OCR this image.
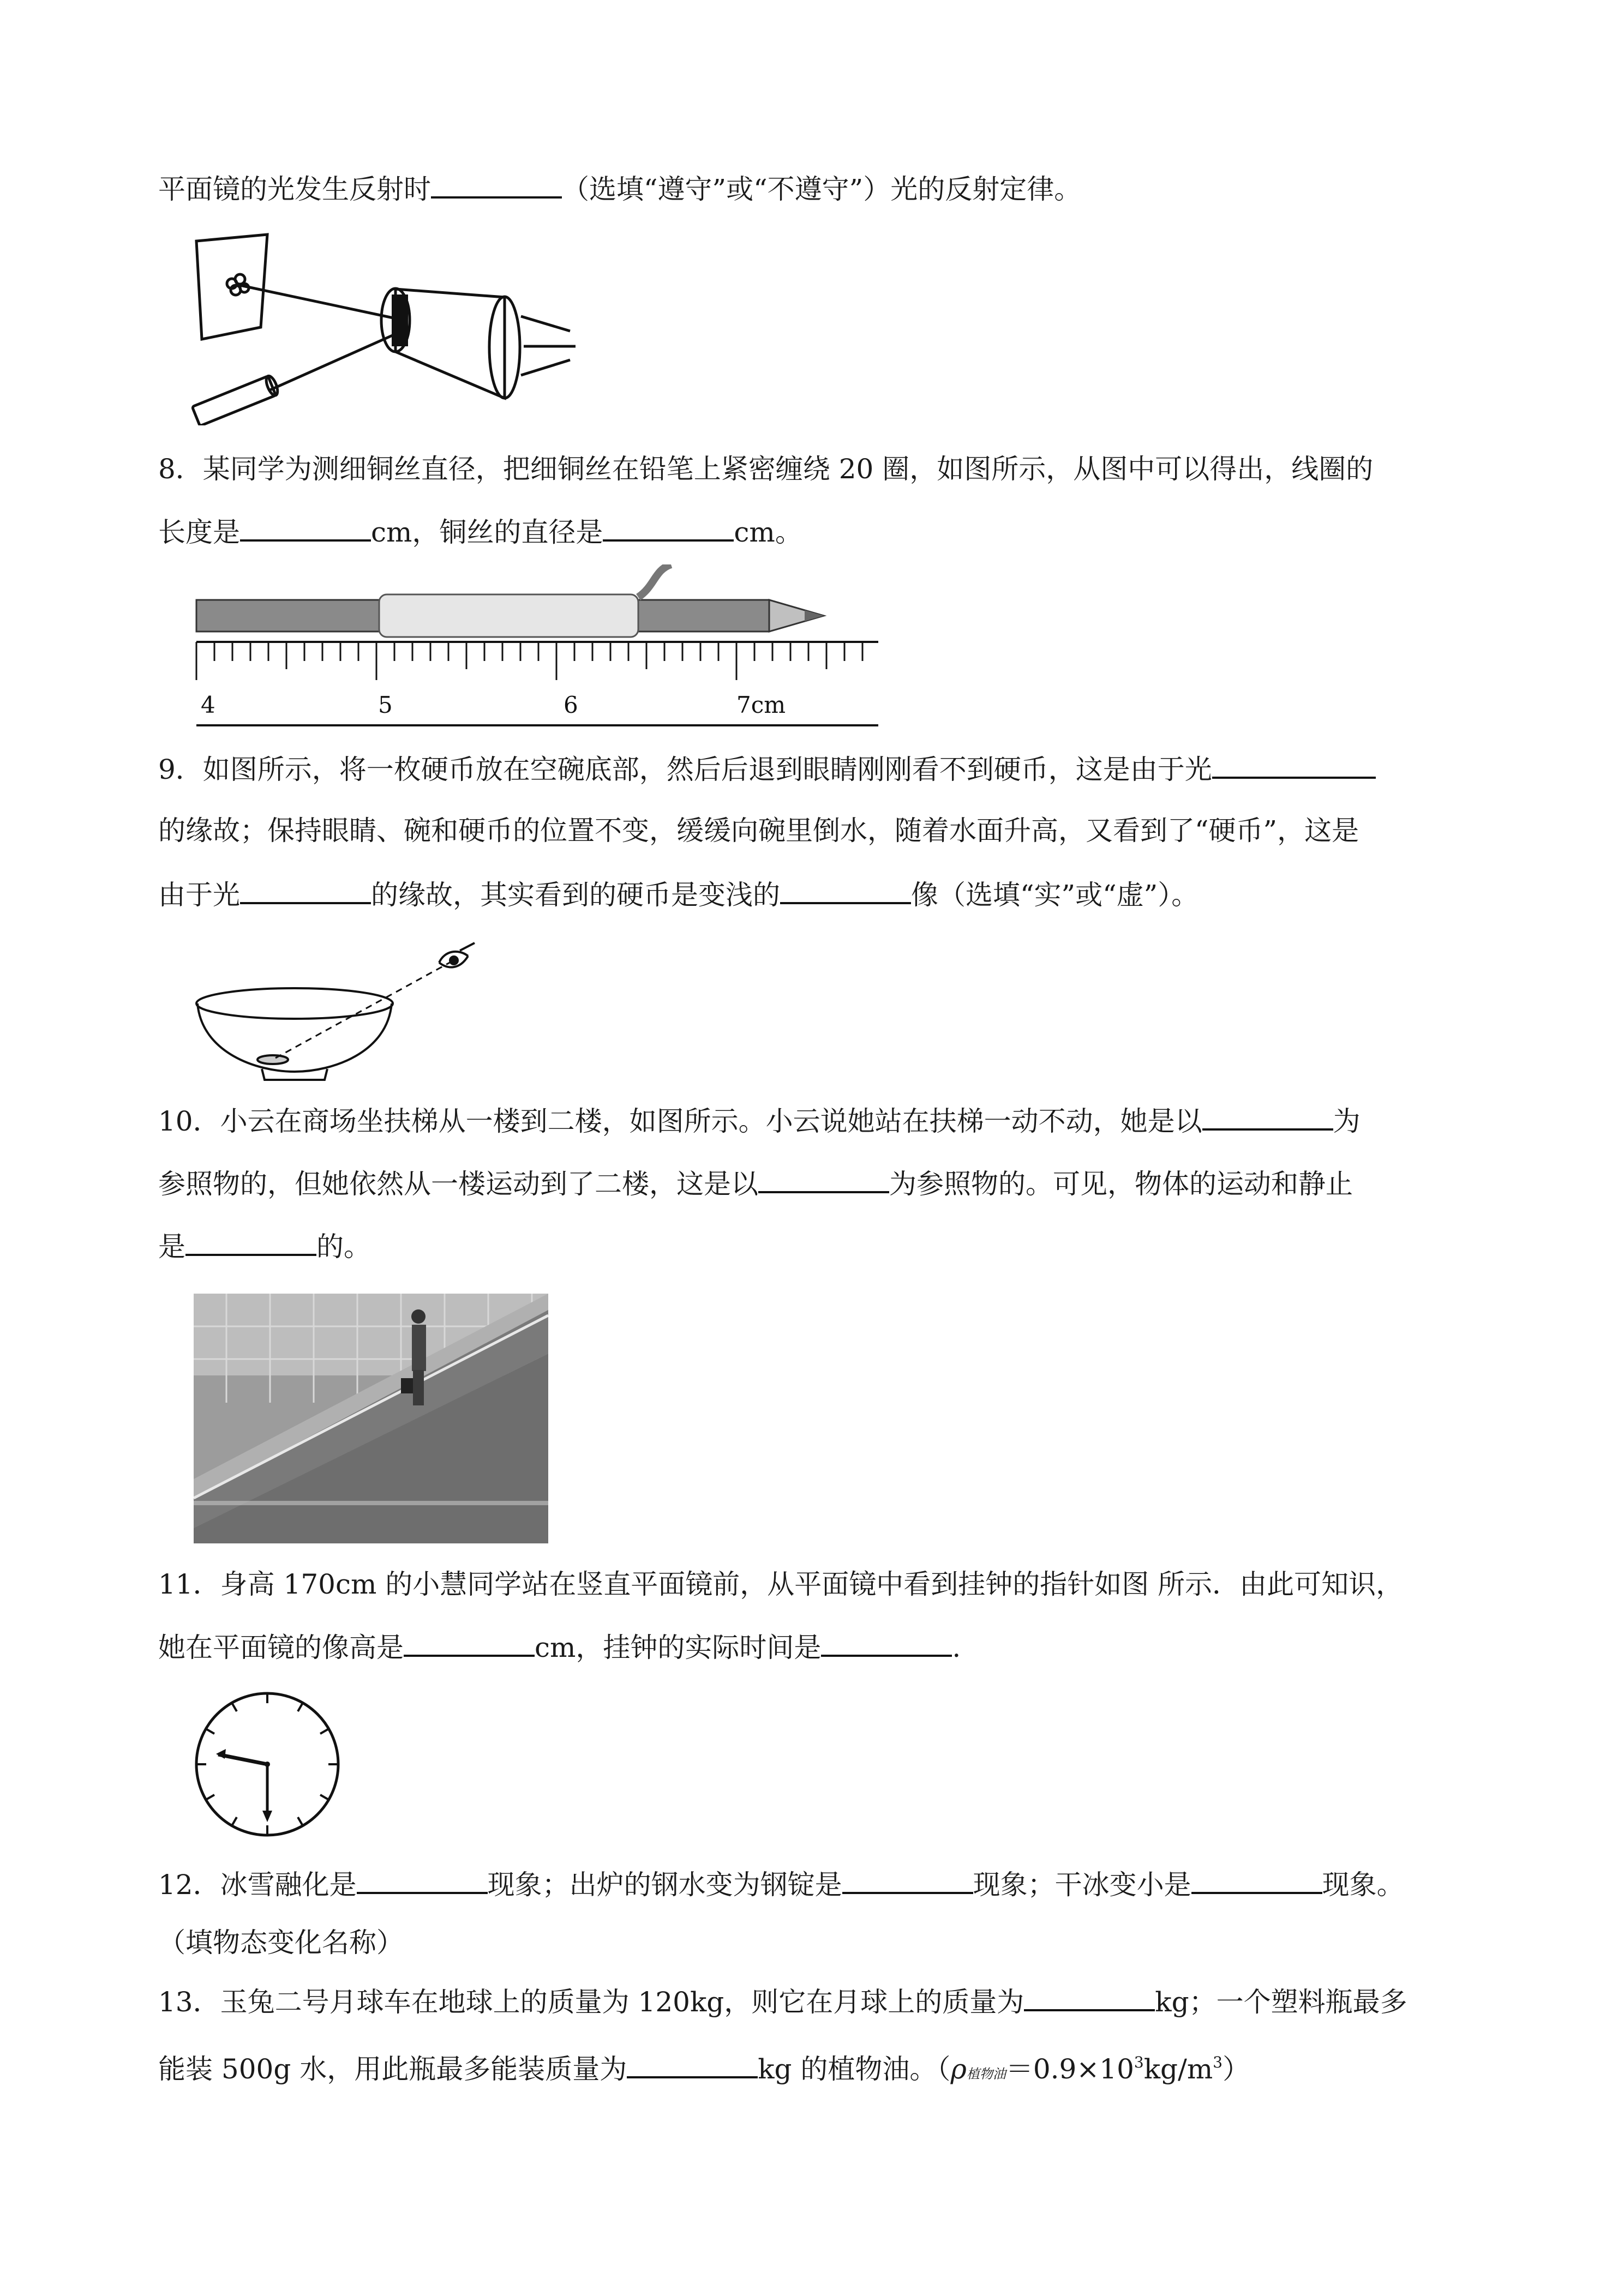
平面镜的光发生反射时	（选填“遵守”或“不遵守”）光的反射定律。
8．某同学为测细铜丝直径，把细铜丝在铅笔上紧密缠绕 20 圈，如图所示，从图中可以得出，线圈的
长度是	cm，铜丝的直径是	cm。
4	5	6	7cm
9．如图所示，将一枚硬币放在空碗底部，然后后退到眼睛刚刚看不到硬币，这是由于光
的缘故；保持眼睛、碗和硬币的位置不变，缓缓向碗里倒水，随着水面升高，又看到了“硬币”，这是
由于光	的缘故，其实看到的硬币是变浅的	像（选填“实”或“虚”）。
10．小云在商场坐扶梯从一楼到二楼，如图所示。小云说她站在扶梯一动不动，她是以	为
参照物的，但她依然从一楼运动到了二楼，这是以	为参照物的。可见，物体的运动和静止
是	的。
11．身高 170cm 的小慧同学站在竖直平面镜前，从平面镜中看到挂钟的指针如图 所示．由此可知识，
她在平面镜的像高是	cm，挂钟的实际时间是	.
12．冰雪融化是	现象；出炉的钢水变为钢锭是	现象；干冰变小是	现象。
（填物态变化名称）
13．玉兔二号月球车在地球上的质量为 120kg，则它在月球上的质量为	kg；一个塑料瓶最多
能装 500g 水，用此瓶最多能装质量为	kg 的植物油。（ρ植物油$=0.9\times 10^3kg/m^3$）
